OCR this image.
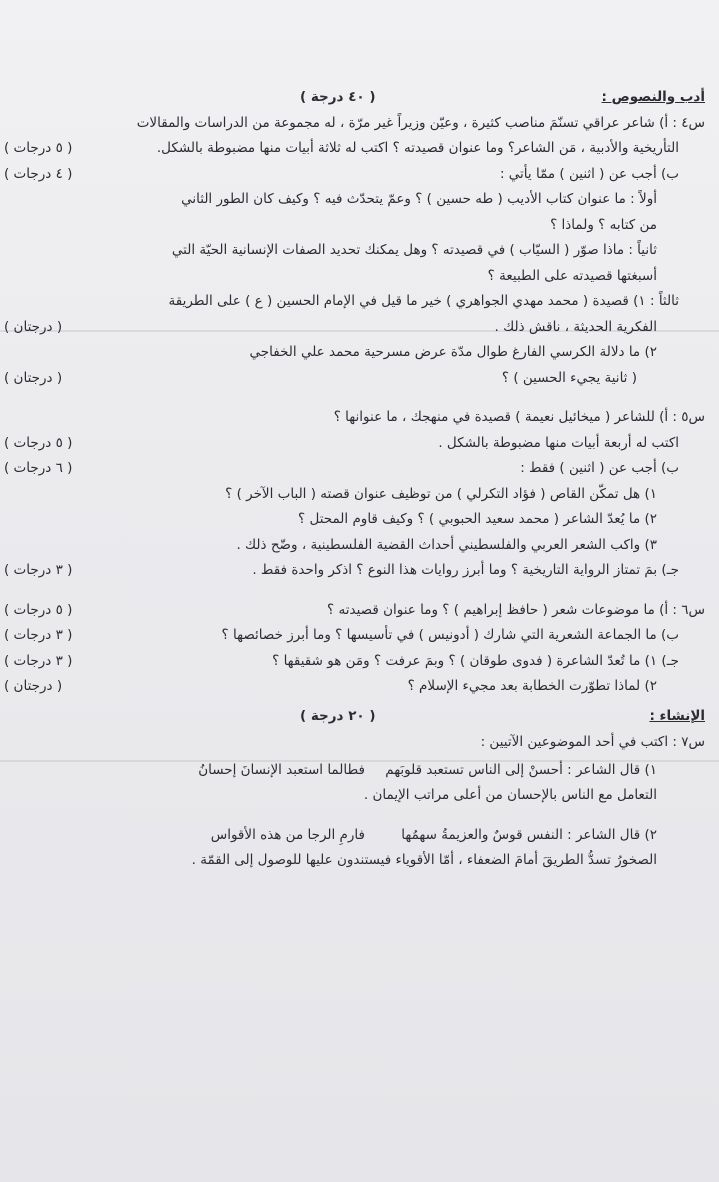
أدب والنصوص :
( ٤٠ درجة )
س٤ : أ) شاعر عراقي تسنّمَ مناصب كثيرة ، وعيّن وزيراً غير مرّة ، له مجموعة من الدراسات والمقالات
التأريخية والأدبية ، مَن الشاعر؟ وما عنوان قصيدته ؟ اكتب له ثلاثة أبيات منها مضبوطة بالشكل.
( ٥ درجات )
ب) أجب عن ( اثنين ) ممّا يأتي :
( ٤ درجات )
أولاً : ما عنوان كتاب الأديب ( طه حسين ) ؟ وعمّ يتحدّث فيه ؟ وكيف كان الطور الثاني
من كتابه ؟ ولماذا ؟
ثانياً : ماذا صوّر ( السيّاب ) في قصيدته ؟ وهل يمكنك تحديد الصفات الإنسانية الحيّة التي
أسبغتها قصيدته على الطبيعة ؟
ثالثاً : ١) قصيدة ( محمد مهدي الجواهري ) خير ما قيل في الإمام الحسين ( ع ) على الطريقة
الفكرية الحديثة ، ناقش ذلك .
( درجتان )
٢) ما دلالة الكرسي الفارغ طوال مدّة عرض مسرحية محمد علي الخفاجي
( ثانية يجيء الحسين ) ؟
( درجتان )
س٥ : أ) للشاعر ( ميخائيل نعيمة ) قصيدة في منهجك ، ما عنوانها ؟
اكتب له أربعة أبيات منها مضبوطة بالشكل .
( ٥ درجات )
ب) أجب عن ( اثنين ) فقط :
( ٦ درجات )
١) هل تمكّن القاص ( فؤاد التكرلي ) من توظيف عنوان قصته ( الباب الآخر ) ؟
٢) ما يُعدّ الشاعر ( محمد سعيد الحبوبي ) ؟ وكيف قاوم المحتل ؟
٣) واكب الشعر العربي والفلسطيني أحداث القضية الفلسطينية ، وضّح ذلك .
جـ) بمَ تمتاز الرواية التاريخية ؟ وما أبرز روايات هذا النوع ؟ اذكر واحدة فقط .
( ٣ درجات )
س٦ : أ) ما موضوعات شعر ( حافظ إبراهيم ) ؟ وما عنوان قصيدته ؟
( ٥ درجات )
ب) ما الجماعة الشعرية التي شارك ( أدونيس ) في تأسيسها ؟ وما أبرز خصائصها ؟
( ٣ درجات )
جـ) ١) ما تُعدّ الشاعرة ( فدوى طوقان ) ؟ وبمَ عرفت ؟ ومَن هو شقيقها ؟
( ٣ درجات )
٢) لماذا تطوّرت الخطابة بعد مجيء الإسلام ؟
( درجتان )
الإنشاء :
( ٢٠ درجة )
س٧ : اكتب في أحد الموضوعين الآتيين :
١) قال الشاعر : أحسنْ إلى الناس تستعبد قلوبَهم
فطالما استعبد الإنسانَ إحسانُ
التعامل مع الناس بالإحسان من أعلى مراتب الإيمان .
٢) قال الشاعر : النفس قوسٌ والعزيمةُ سهمُها
فارمِ الرجا من هذه الأقواس
الصخورُ تسدُّ الطريقَ أمامَ الضعفاء ، أمّا الأقوياء فيستندون عليها للوصول إلى القمّة .
